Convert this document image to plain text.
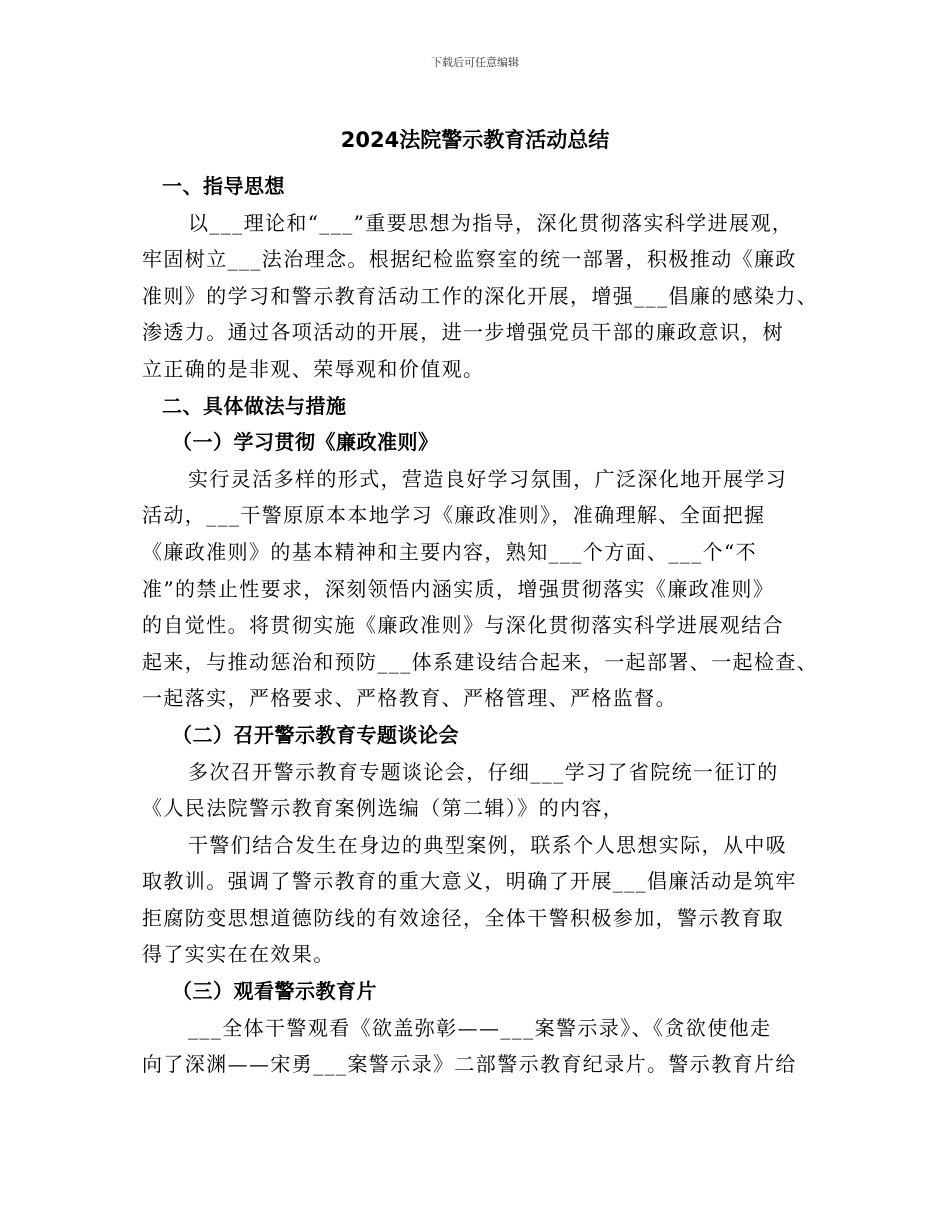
下载后可任意编辑
2024法院警示教育活动总结
一、指导思想
以___理论和“___”重要思想为指导，深化贯彻落实科学进展观，
牢固树立___法治理念。根据纪检监察室的统一部署，积极推动《廉政
准则》的学习和警示教育活动工作的深化开展，增强___倡廉的感染力、
渗透力。通过各项活动的开展，进一步增强党员干部的廉政意识，树
立正确的是非观、荣辱观和价值观。
二、具体做法与措施
（一）学习贯彻《廉政准则》
实行灵活多样的形式，营造良好学习氛围，广泛深化地开展学习
活动，___干警原原本本地学习《廉政准则》，准确理解、全面把握
《廉政准则》的基本精神和主要内容，熟知___个方面、___个“不
准”的禁止性要求，深刻领悟内涵实质，增强贯彻落实《廉政准则》
的自觉性。将贯彻实施《廉政准则》与深化贯彻落实科学进展观结合
起来，与推动惩治和预防___体系建设结合起来，一起部署、一起检查、
一起落实，严格要求、严格教育、严格管理、严格监督。
（二）召开警示教育专题谈论会
多次召开警示教育专题谈论会，仔细___学习了省院统一征订的
《人民法院警示教育案例选编（第二辑）》的内容，
干警们结合发生在身边的典型案例，联系个人思想实际，从中吸
取教训。强调了警示教育的重大意义，明确了开展___倡廉活动是筑牢
拒腐防变思想道德防线的有效途径，全体干警积极参加，警示教育取
得了实实在在效果。
（三）观看警示教育片
___全体干警观看《欲盖弥彰——___案警示录》、《贪欲使他走
向了深渊——宋勇___案警示录》二部警示教育纪录片。警示教育片给
